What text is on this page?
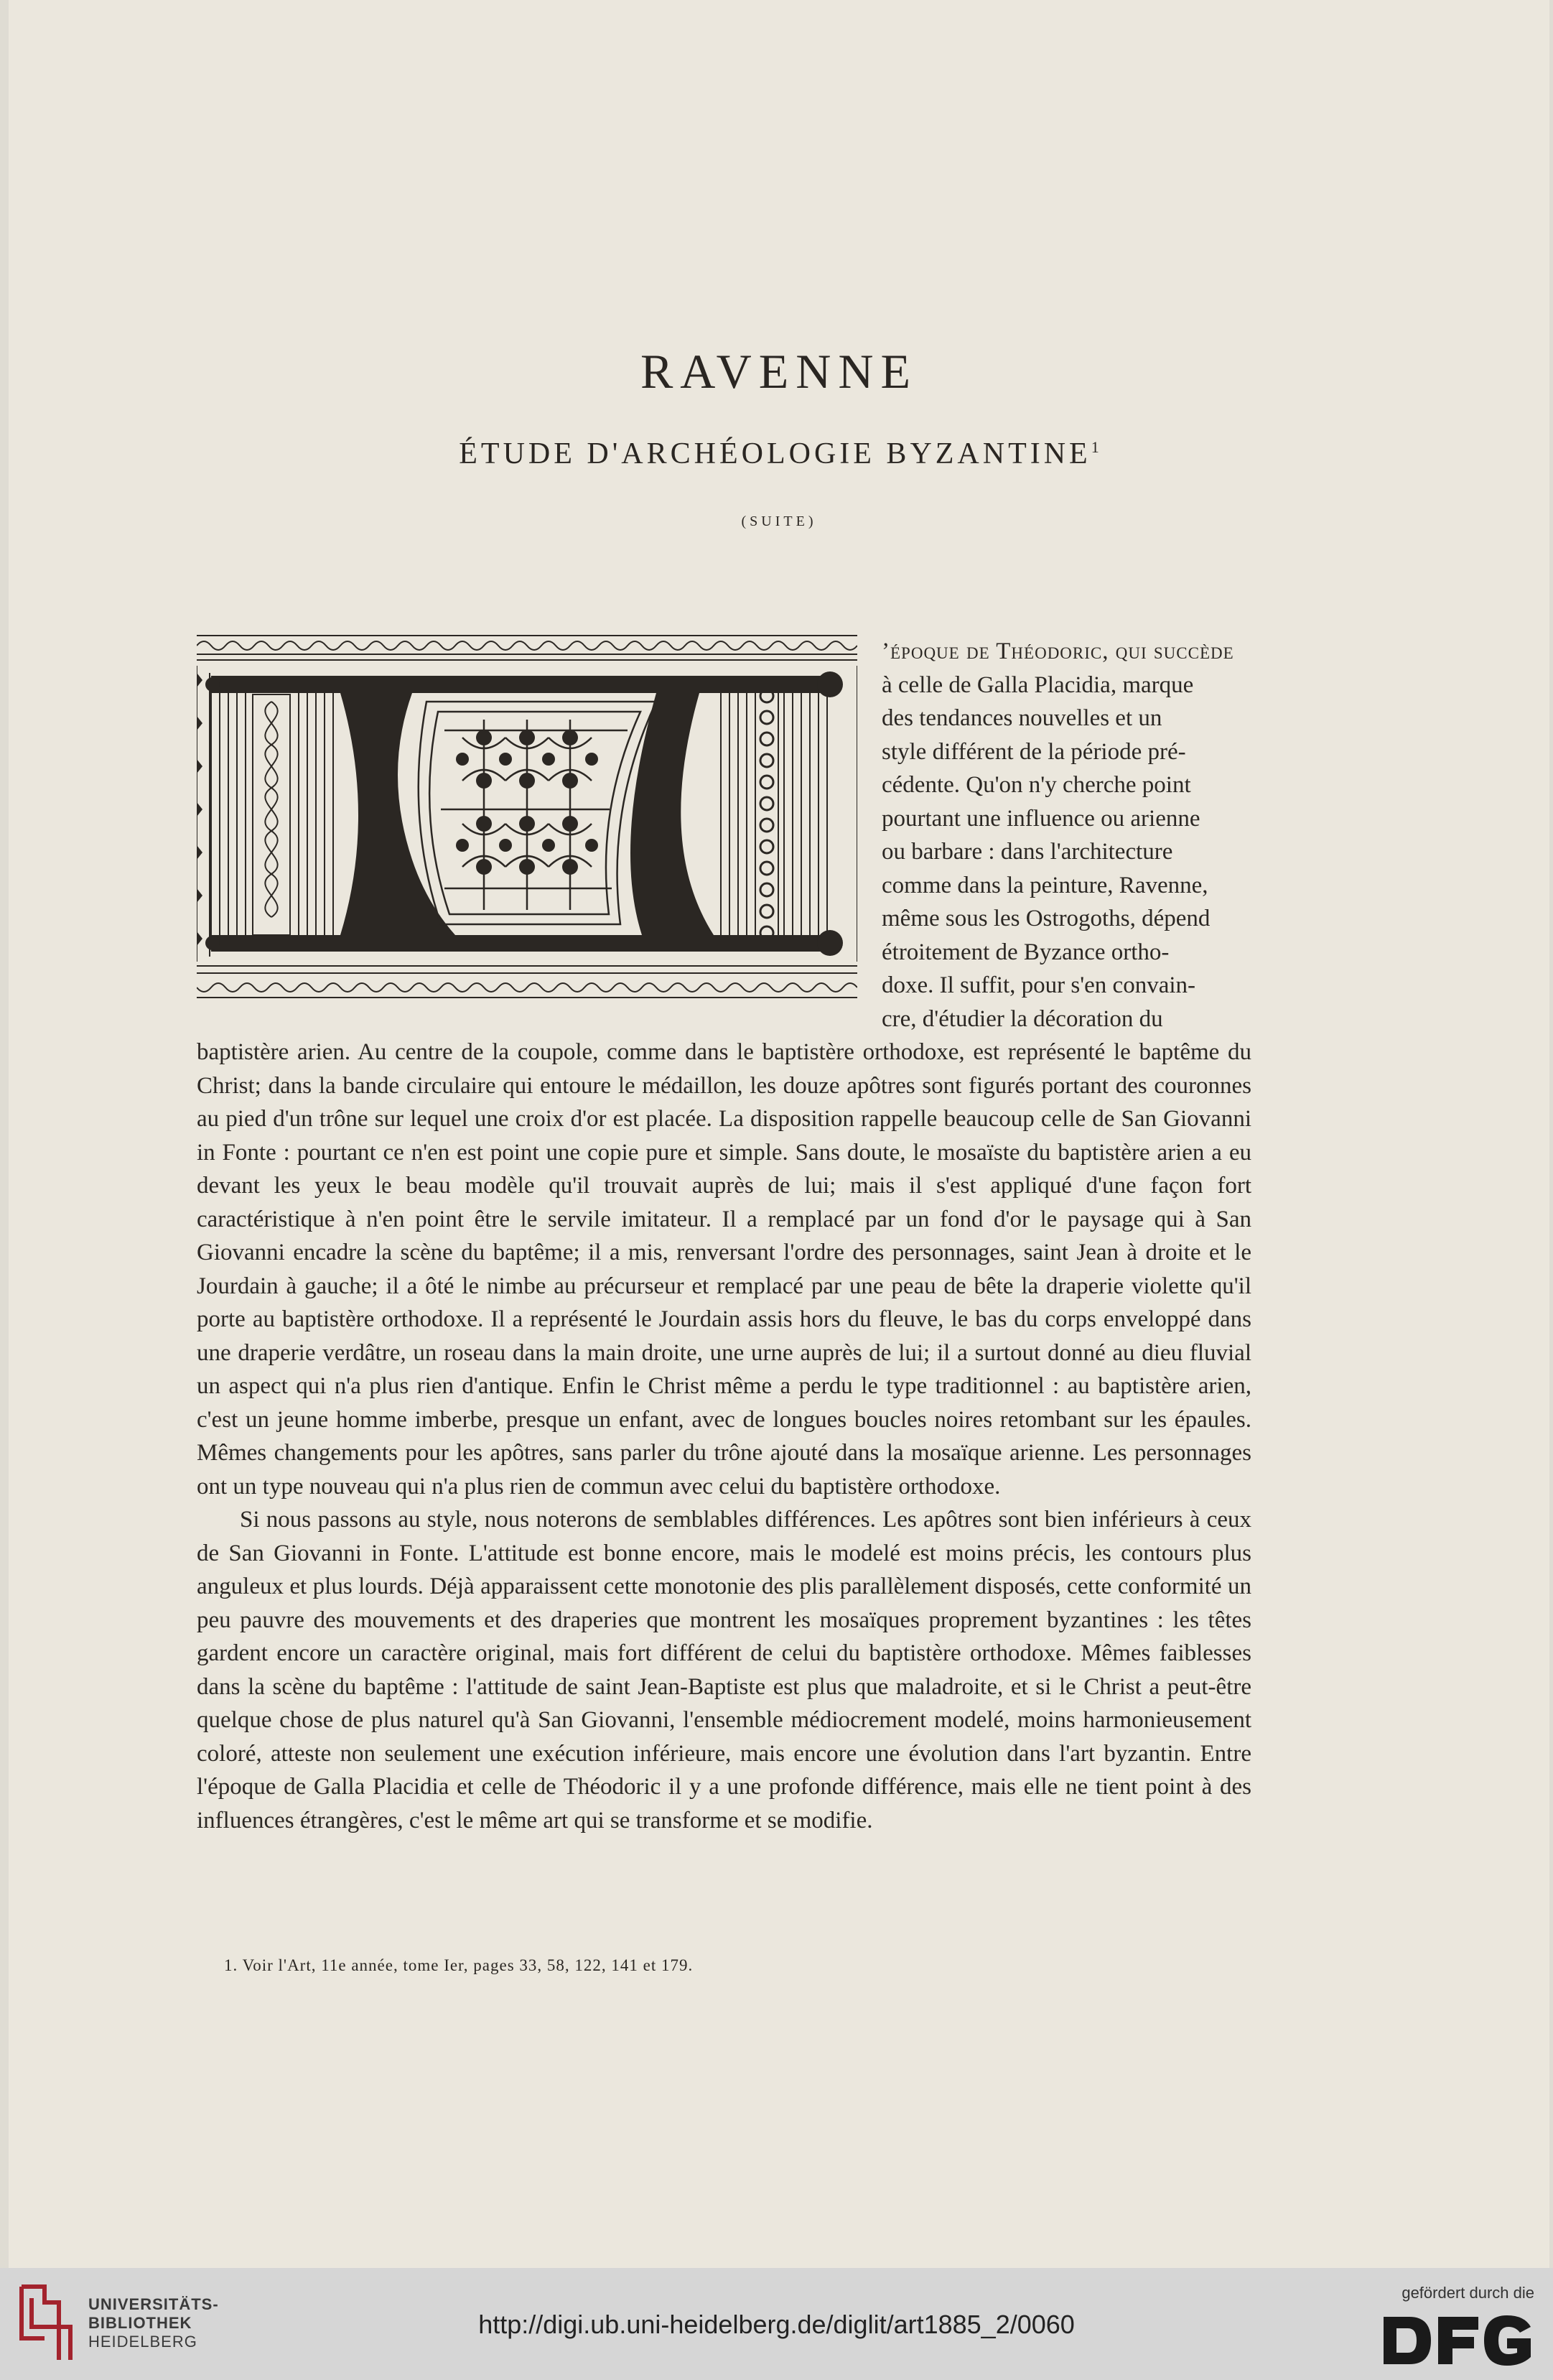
RAVENNE
ÉTUDE D'ARCHÉOLOGIE BYZANTINE$^1$
(SUITE)
’époque de Théodoric, qui succède
à celle de Galla Placidia, marque
des tendances nouvelles et un
style différent de la période pré-
cédente. Qu'on n'y cherche point
pourtant une influence ou arienne
ou barbare : dans l'architecture
comme dans la peinture, Ravenne,
même sous les Ostrogoths, dépend
étroitement de Byzance ortho-
doxe. Il suffit, pour s'en convain-
cre, d'étudier la décoration du

baptistère arien. Au centre de la coupole, comme dans le baptistère orthodoxe, est représenté le baptême du Christ; dans la bande circulaire qui entoure le médaillon, les douze apôtres sont figurés portant des couronnes au pied d'un trône sur lequel une croix d'or est placée. La disposition rappelle beaucoup celle de San Giovanni in Fonte : pourtant ce n'en est point une copie pure et simple. Sans doute, le mosaïste du baptistère arien a eu devant les yeux le beau modèle qu'il trouvait auprès de lui; mais il s'est appliqué d'une façon fort caractéristique à n'en point être le servile imitateur. Il a remplacé par un fond d'or le paysage qui à San Giovanni encadre la scène du baptême; il a mis, renversant l'ordre des personnages, saint Jean à droite et le Jourdain à gauche; il a ôté le nimbe au précurseur et remplacé par une peau de bête la draperie violette qu'il porte au baptistère orthodoxe. Il a représenté le Jourdain assis hors du fleuve, le bas du corps enveloppé dans une draperie verdâtre, un roseau dans la main droite, une urne auprès de lui; il a surtout donné au dieu fluvial un aspect qui n'a plus rien d'antique. Enfin le Christ même a perdu le type traditionnel : au baptistère arien, c'est un jeune homme imberbe, presque un enfant, avec de longues boucles noires retombant sur les épaules. Mêmes changements pour les apôtres, sans parler du trône ajouté dans la mosaïque arienne. Les personnages ont un type nouveau qui n'a plus rien de commun avec celui du baptistère orthodoxe.

Si nous passons au style, nous noterons de semblables différences. Les apôtres sont bien inférieurs à ceux de San Giovanni in Fonte. L'attitude est bonne encore, mais le modelé est moins précis, les contours plus anguleux et plus lourds. Déjà apparaissent cette monotonie des plis parallèlement disposés, cette conformité un peu pauvre des mouvements et des draperies que montrent les mosaïques proprement byzantines : les têtes gardent encore un caractère original, mais fort différent de celui du baptistère orthodoxe. Mêmes faiblesses dans la scène du baptême : l'attitude de saint Jean-Baptiste est plus que maladroite, et si le Christ a peut-être quelque chose de plus naturel qu'à San Giovanni, l'ensemble médiocrement modelé, moins harmonieusement coloré, atteste non seulement une exécution inférieure, mais encore une évolution dans l'art byzantin. Entre l'époque de Galla Placidia et celle de Théodoric il y a une profonde différence, mais elle ne tient point à des influences étrangères, c'est le même art qui se transforme et se modifie.

1. Voir l'Art, 11e année, tome Ier, pages 33, 58, 122, 141 et 179.
UNIVERSITÄTS-
BIBLIOTHEK
HEIDELBERG
http://digi.ub.uni-heidelberg.de/diglit/art1885_2/0060
gefördert durch die
